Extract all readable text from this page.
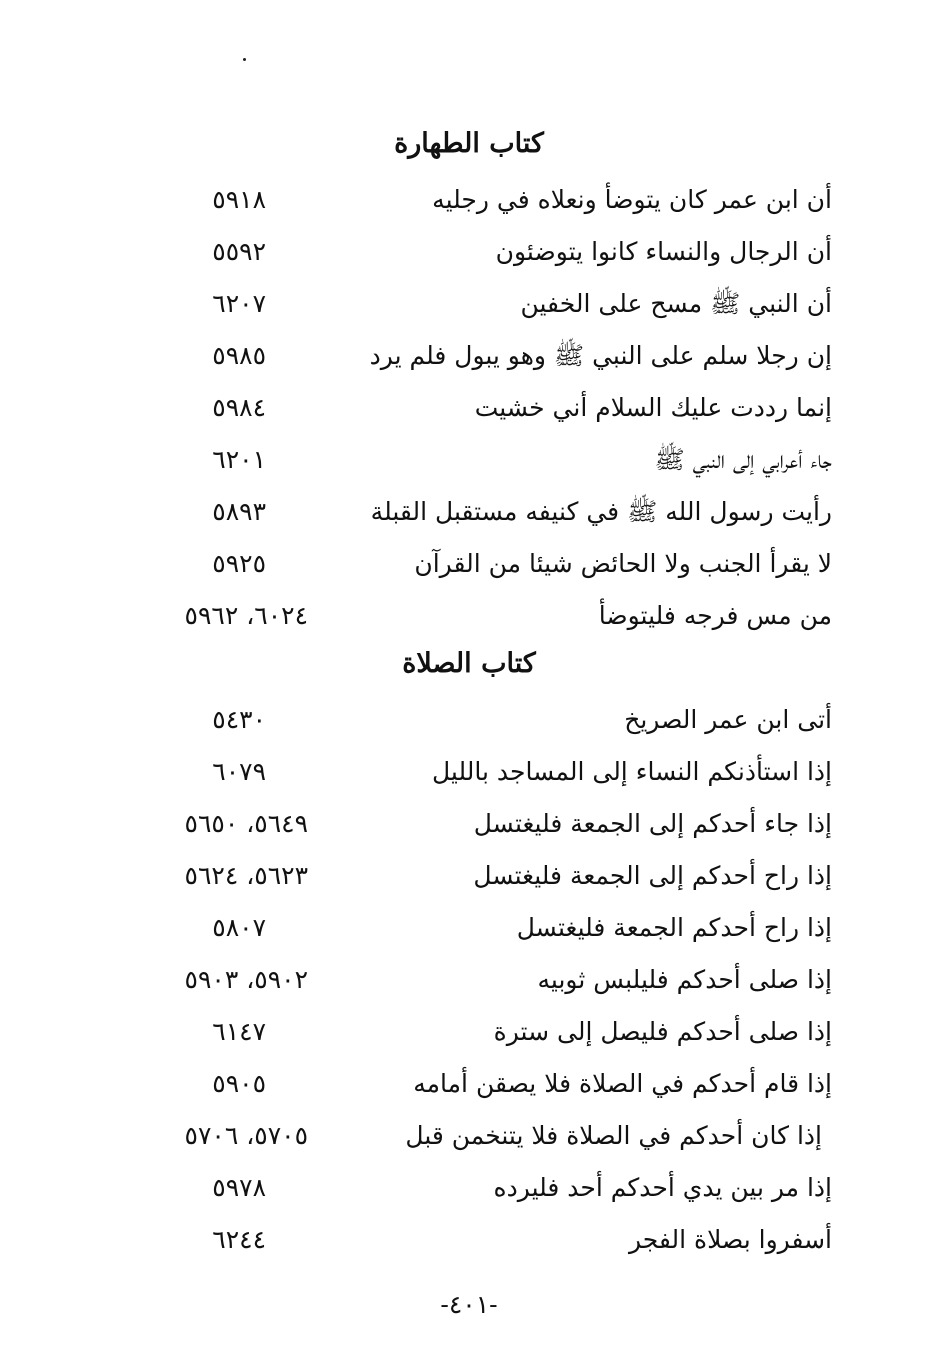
كتاب الطهارة
أن ابن عمر كان يتوضأ ونعلاه في رجليه
٥٩١٨
أن الرجال والنساء كانوا يتوضئون
٥٥٩٢
أن النبي ﷺ مسح على الخفين
٦٢٠٧
إن رجلا سلم على النبي ﷺ وهو يبول فلم يرد
٥٩٨٥
إنما رددت عليك السلام أني خشيت
٥٩٨٤
جاء أعرابي إلى النبي ﷺ
٦٢٠١
رأيت رسول الله ﷺ في كنيفه مستقبل القبلة
٥٨٩٣
لا يقرأ الجنب ولا الحائض شيئا من القرآن
٥٩٢٥
من مس فرجه فليتوضأ
٦٠٢٤، ٥٩٦٢
كتاب الصلاة
أتى ابن عمر الصريخ
٥٤٣٠
إذا استأذنكم النساء إلى المساجد بالليل
٦٠٧٩
إذا جاء أحدكم إلى الجمعة فليغتسل
٥٦٤٩، ٥٦٥٠
إذا راح أحدكم إلى الجمعة فليغتسل
٥٦٢٣، ٥٦٢٤
إذا راح أحدكم الجمعة فليغتسل
٥٨٠٧
إذا صلى أحدكم فليلبس ثوبيه
٥٩٠٢، ٥٩٠٣
إذا صلى أحدكم فليصل إلى سترة
٦١٤٧
إذا قام أحدكم في الصلاة فلا يصقن أمامه
٥٩٠٥
إذا كان أحدكم في الصلاة فلا يتنخمن قبل
٥٧٠٥، ٥٧٠٦
إذا مر بين يدي أحدكم أحد فليرده
٥٩٧٨
أسفروا بصلاة الفجر
٦٢٤٤
-٤٠١-
